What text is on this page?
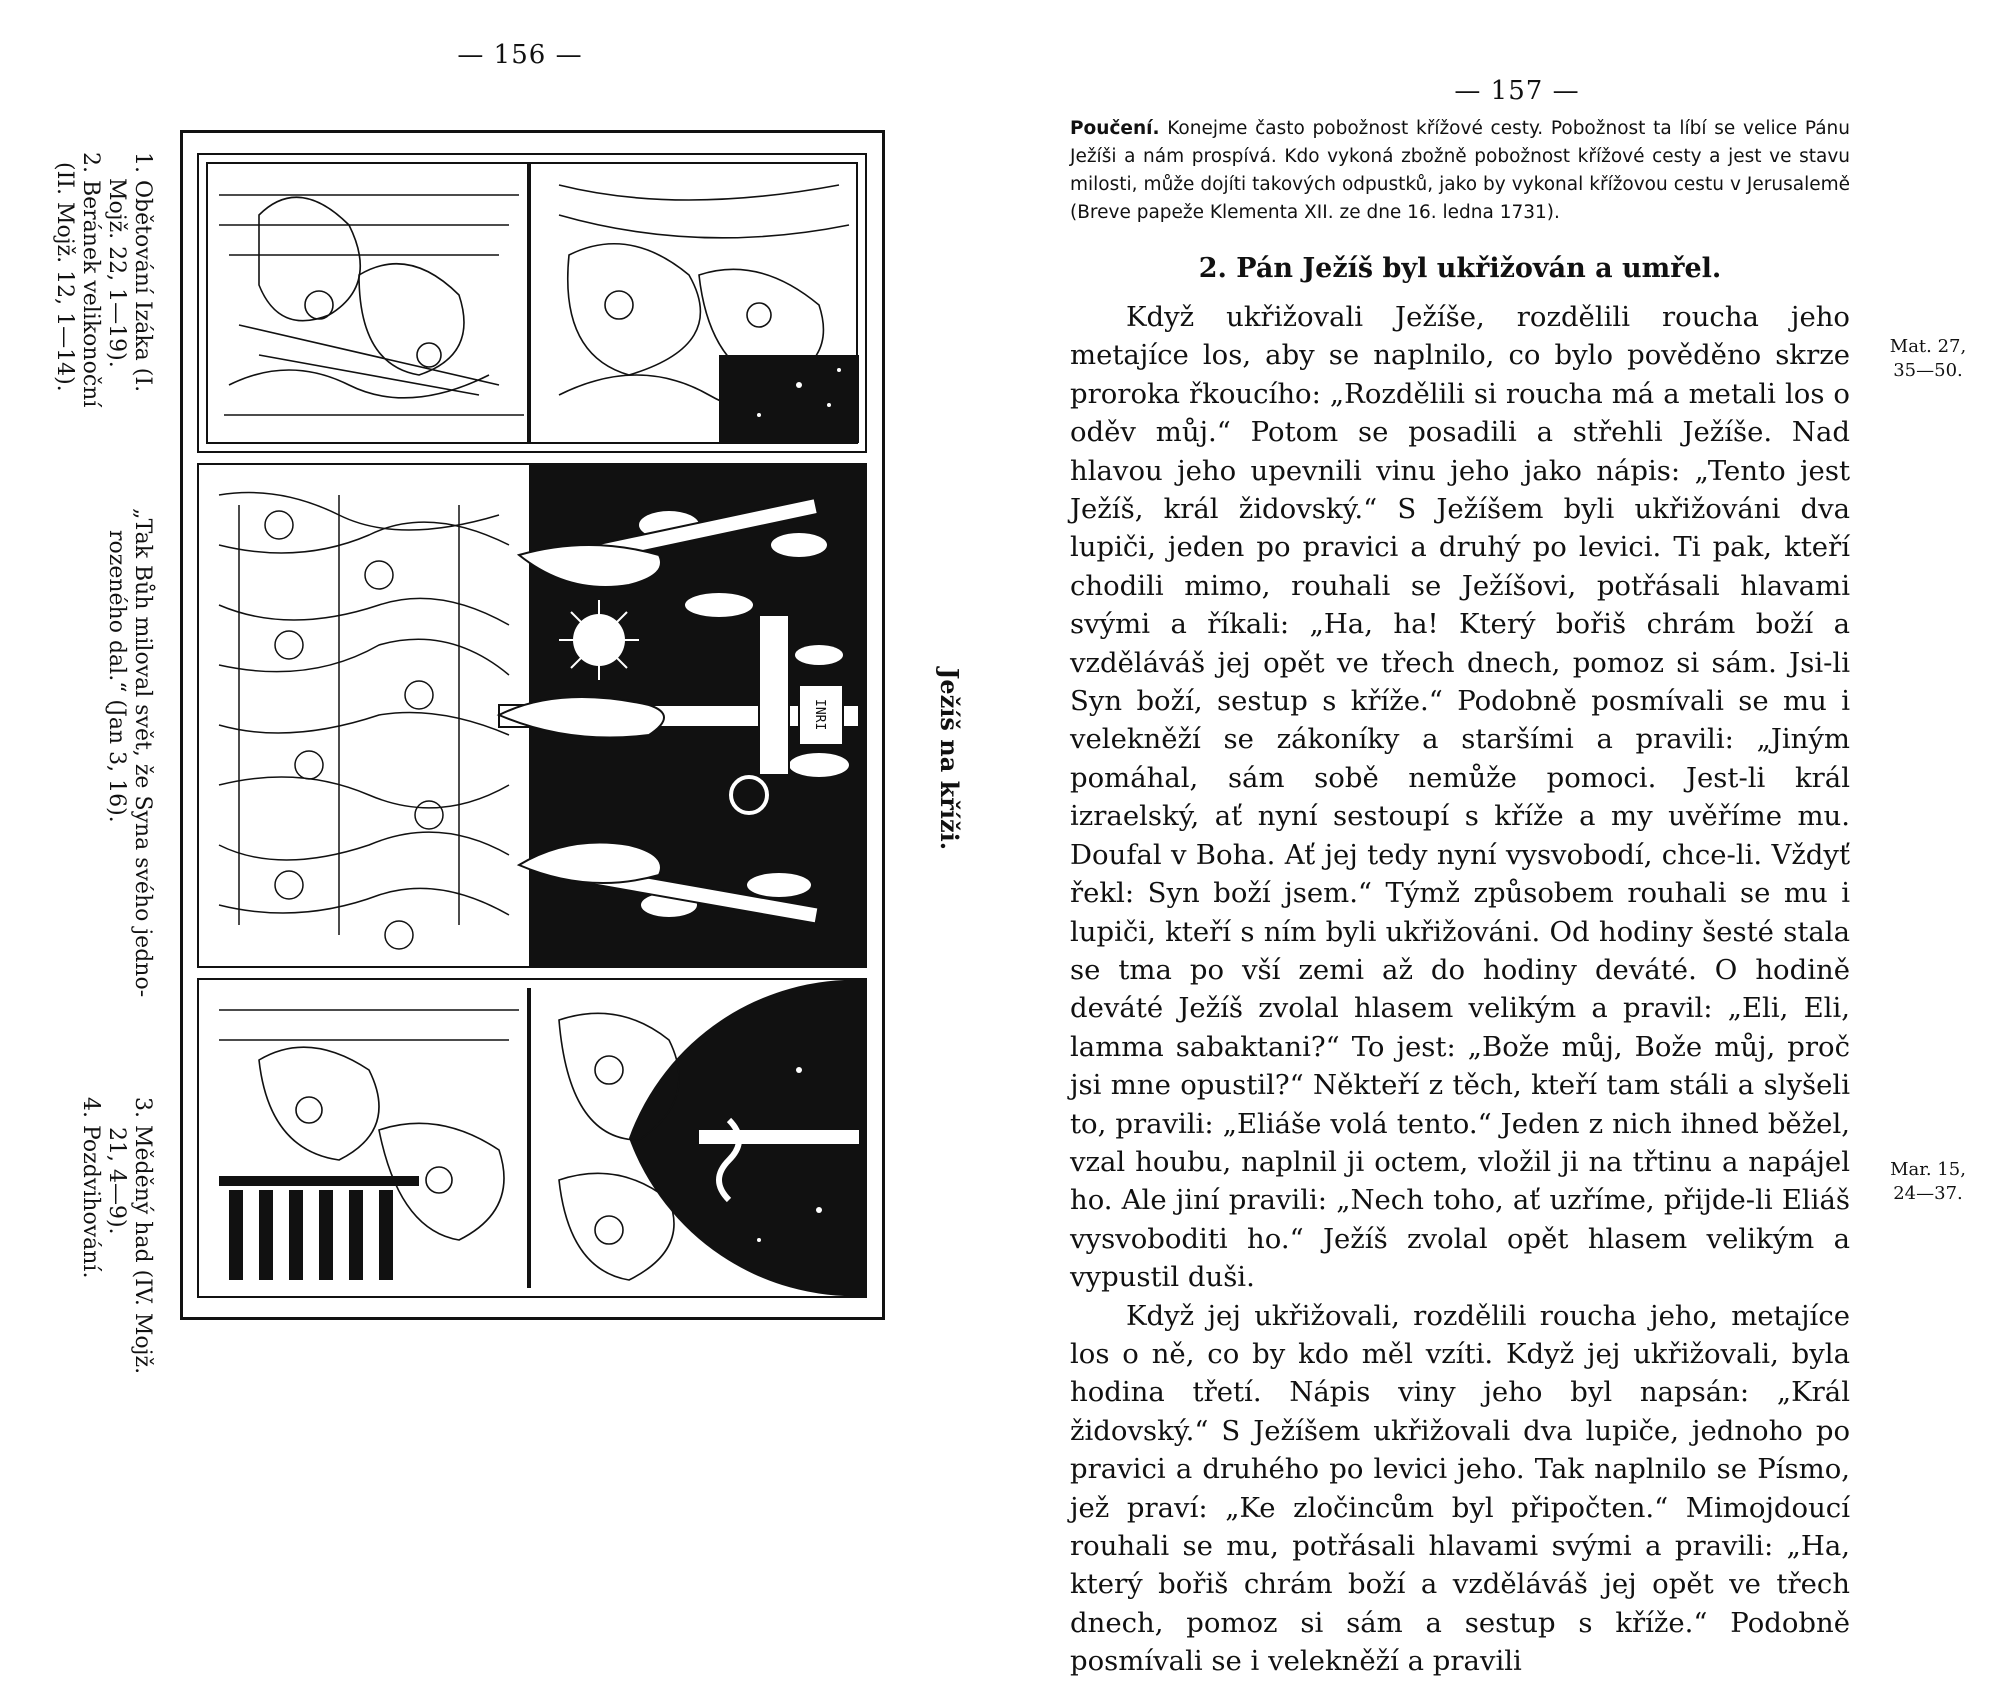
— 156 —
1. Obětování Izáka (I.
Mojž. 22, 1—19).
2. Beránek velikonoční
(II. Mojž. 12, 1—14).
„Tak Bůh miloval svět, že Syna svého jedno-
rozeného dal.“ (Jan 3, 16).
3. Měděný had (IV. Mojž.
21, 4—9).
4. Pozdvihování.
Ježíš na kříži.
INRI
— 157 —

Poučení. Konejme často pobožnost křížové cesty. Pobožnost ta líbí se velice Pánu Ježíši a nám prospívá. Kdo vykoná zbožně pobožnost křížové cesty a jest ve stavu milosti, může dojíti takových odpustků, jako by vykonal křížovou cestu v Jerusalemě (Breve papeže Klementa XII. ze dne 16. ledna 1731).

2. Pán Ježíš byl ukřižován a umřel.

Když ukřižovali Ježíše, rozdělili roucha jeho metajíce los, aby se naplnilo, co bylo pověděno skrze proroka řkoucího: „Rozdělili si roucha má a metali los o oděv můj.“ Potom se posadili a střehli Ježíše. Nad hlavou jeho upevnili vinu jeho jako nápis: „Tento jest Ježíš, král židovský.“ S Ježíšem byli ukřižováni dva lupiči, jeden po pravici a druhý po levici. Ti pak, kteří chodili mimo, rouhali se Ježíšovi, potřásali hlavami svými a říkali: „Ha, ha! Který bořiš chrám boží a vzděláváš jej opět ve třech dnech, pomoz si sám. Jsi-li Syn boží, sestup s kříže.“ Podobně posmívali se mu i velekněží se zákoníky a staršími a pravili: „Jiným pomáhal, sám sobě nemůže pomoci. Jest-li král izraelský, ať nyní sestoupí s kříže a my uvěříme mu. Doufal v Boha. Ať jej tedy nyní vysvobodí, chce-li. Vždyť řekl: Syn boží jsem.“ Týmž způsobem rouhali se mu i lupiči, kteří s ním byli ukřižováni. Od hodiny šesté stala se tma po vší zemi až do hodiny deváté. O hodině deváté Ježíš zvolal hlasem velikým a pravil: „Eli, Eli, lamma sabaktani?“ To jest: „Bože můj, Bože můj, proč jsi mne opustil?“ Někteří z těch, kteří tam stáli a slyšeli to, pravili: „Eliáše volá tento.“ Jeden z nich ihned běžel, vzal houbu, naplnil ji octem, vložil ji na třtinu a napájel ho. Ale jiní pravili: „Nech toho, ať uzříme, přijde-li Eliáš vysvoboditi ho.“ Ježíš zvolal opět hlasem velikým a vypustil duši.

Když jej ukřižovali, rozdělili roucha jeho, metajíce los o ně, co by kdo měl vzíti. Když jej ukřižovali, byla hodina třetí. Nápis viny jeho byl napsán: „Král židovský.“ S Ježíšem ukřižovali dva lupiče, jednoho po pravici a druhého po levici jeho. Tak naplnilo se Písmo, jež praví: „Ke zločincům byl připočten.“ Mimojdoucí rouhali se mu, potřásali hlavami svými a pravili: „Ha, který bořiš chrám boží a vzděláváš jej opět ve třech dnech, pomoz si sám a sestup s kříže.“ Podobně posmívali se i velekněží a pravili

Mat. 27,
35—50.
Mar. 15,
24—37.
